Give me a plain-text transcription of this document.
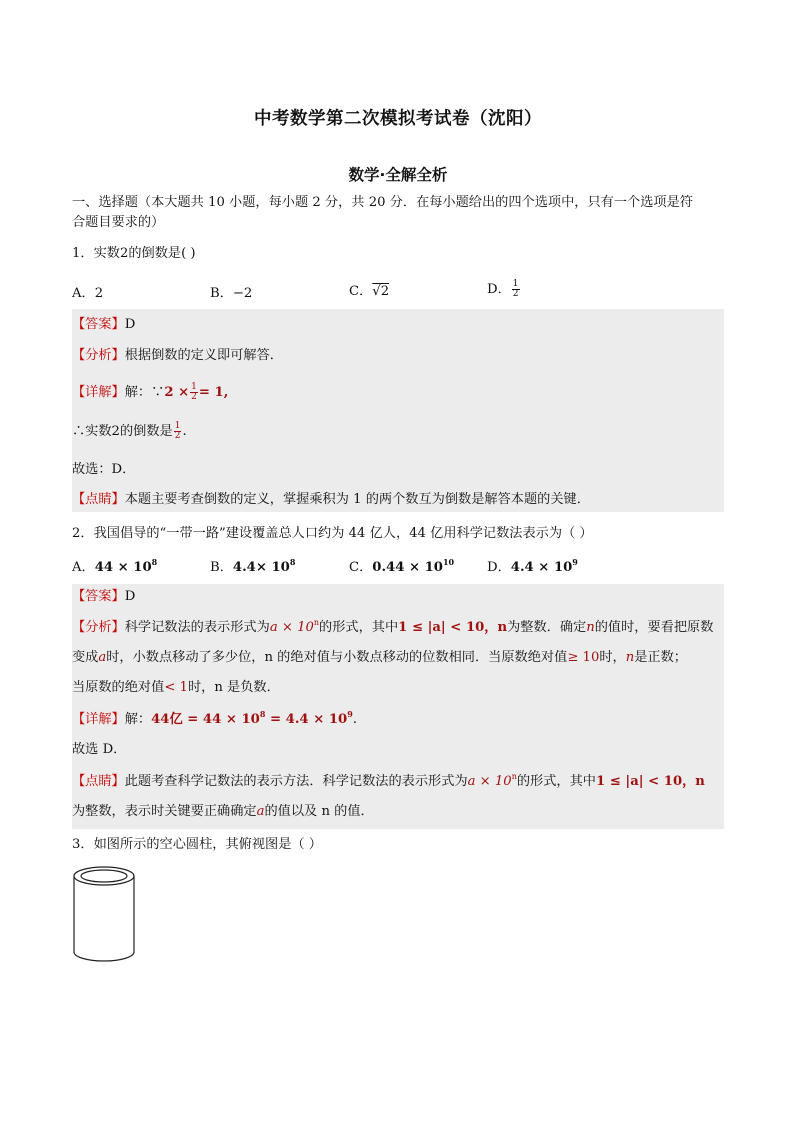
中考数学第二次模拟考试卷（沈阳）
数学·全解全析
一、选择题（本大题共 10 小题，每小题 2 分，共 20 分．在每小题给出的四个选项中，只有一个选项是符
合题目要求的）
1．实数2的倒数是( )
A．2	B．−2	C．√2	D． $\frac{1}{2}$
【答案】D
【分析】根据倒数的定义即可解答．
【详解】解：∵2 × $\frac{1}{2} = 1$,
∴实数2的倒数是 $\frac{1}{2}$ .
故选：D．
【点睛】本题主要考查倒数的定义，掌握乘积为 1 的两个数互为倒数是解答本题的关键．
2．我国倡导的“一带一路”建设覆盖总人口约为 44 亿人，44 亿用科学记数法表示为（ ）
A．$44 \times 10^8$	B．$4.4\times 10^8$	C．$0.44 \times 10^{10}$ D．$4.4 \times 10^9$
【答案】D
【分析】科学记数法的表示形式为$a \times 10^n$的形式，其中1 ≤ |a| < 10，n为整数．确定n的值时，要看把原数
变成a时，小数点移动了多少位，n 的绝对值与小数点移动的位数相同．当原数绝对值≥ 10时，n是正数；
当原数的绝对值< 1时，n 是负数．
【详解】解：44亿 = $44 \times 10^8 = 4.4 \times 10^9$.
故选 D．
【点睛】此题考查科学记数法的表示方法．科学记数法的表示形式为$a \times 10^n$的形式，其中1 ≤ |a| < 10，n
为整数，表示时关键要正确确定a的值以及 n 的值．
3．如图所示的空心圆柱，其俯视图是（ ）
